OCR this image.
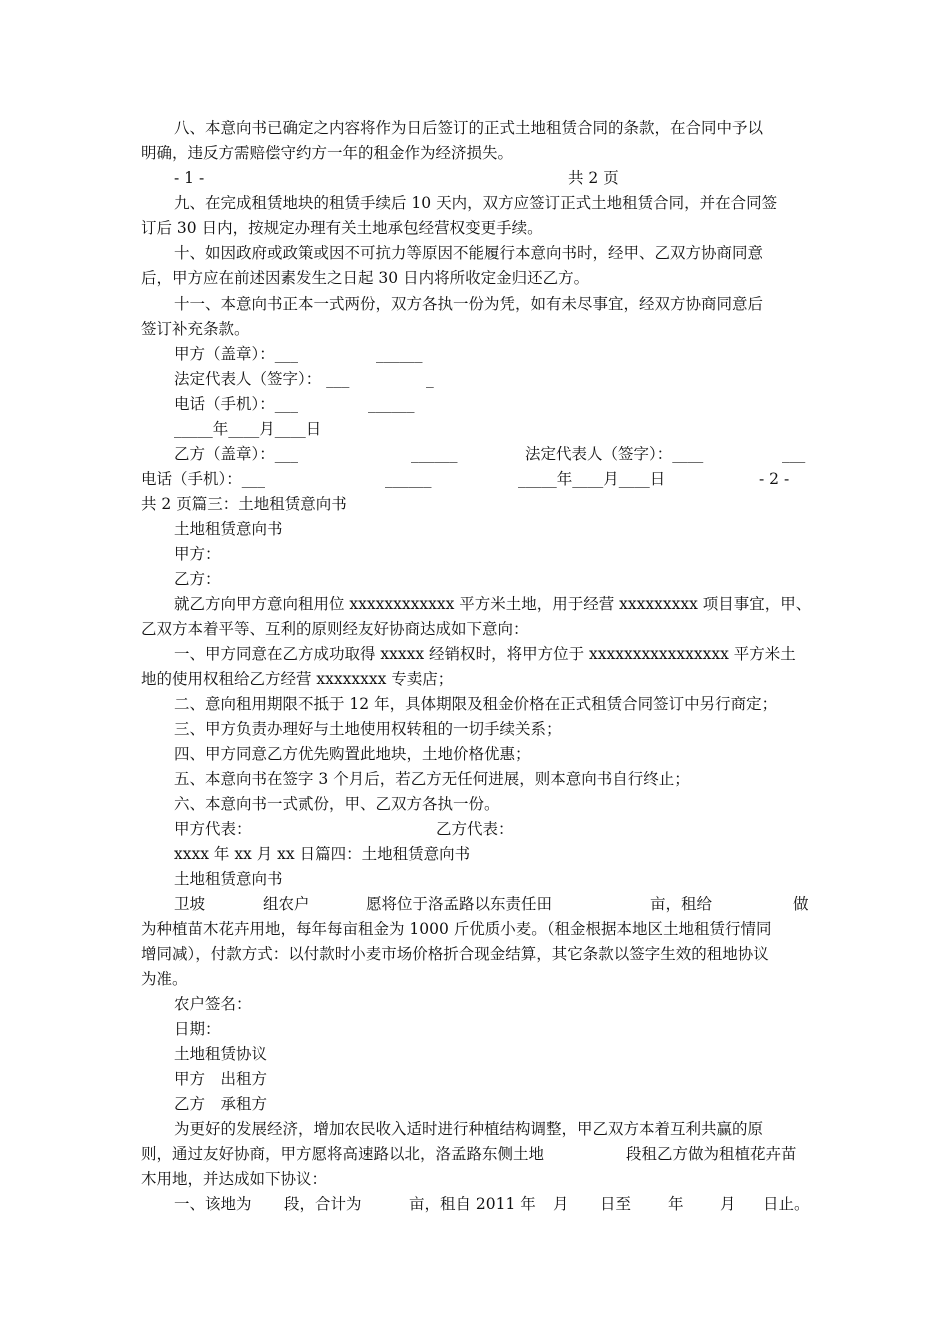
八、本意向书已确定之内容将作为日后签订的正式土地租赁合同的条款，在合同中予以
明确，违反方需赔偿守约方一年的租金作为经济损失。
- 1 -	共 2 页
九、在完成租赁地块的租赁手续后 10 天内，双方应签订正式土地租赁合同，并在合同签
订后 30 日内，按规定办理有关土地承包经营权变更手续。
十、如因政府或政策或因不可抗力等原因不能履行本意向书时，经甲、乙双方协商同意
后，甲方应在前述因素发生之日起 30 日内将所收定金归还乙方。
十一、本意向书正本一式两份，双方各执一份为凭，如有未尽事宜，经双方协商同意后
签订补充条款。
甲方（盖章）：___	______
法定代表人（签字）： ___	_
电话（手机）：___	______
_____年____月____日
乙方（盖章）：___	______	法定代表人（签字）：____	___
电话（手机）：___	______	_____年____月____日	- 2 -
共 2 页篇三：土地租赁意向书
土地租赁意向书
甲方：
乙方：
就乙方向甲方意向租用位 xxxxxxxxxxxx 平方米土地，用于经营 xxxxxxxxx 项目事宜，甲、
乙双方本着平等、互利的原则经友好协商达成如下意向：
一、甲方同意在乙方成功取得 xxxxx 经销权时，将甲方位于 xxxxxxxxxxxxxxxx 平方米土
地的使用权租给乙方经营 xxxxxxxx 专卖店；
二、意向租用期限不抵于 12 年，具体期限及租金价格在正式租赁合同签订中另行商定；
三、甲方负责办理好与土地使用权转租的一切手续关系；
四、甲方同意乙方优先购置此地块，土地价格优惠；
五、本意向书在签字 3 个月后，若乙方无任何进展，则本意向书自行终止；
六、本意向书一式贰份，甲、乙双方各执一份。
甲方代表：	乙方代表：
xxxx 年 xx 月 xx 日篇四：土地租赁意向书
土地租赁意向书
卫坡	组农户	愿将位于洛孟路以东责任田	亩，租给	做
为种植苗木花卉用地，每年每亩租金为 1000 斤优质小麦。（租金根据本地区土地租赁行情同
增同减），付款方式：以付款时小麦市场价格折合现金结算，其它条款以签字生效的租地协议
为准。
农户签名：
日期：
土地租赁协议
甲方　出租方
乙方　承租方
为更好的发展经济，增加农民收入适时进行种植结构调整，甲乙双方本着互利共赢的原
则，通过友好协商，甲方愿将高速路以北，洛孟路东侧土地	段租乙方做为租植花卉苗
木用地，并达成如下协议：
一、该地为 段，合计为	亩，租自 2011 年 月 日至 年 月 日止。
